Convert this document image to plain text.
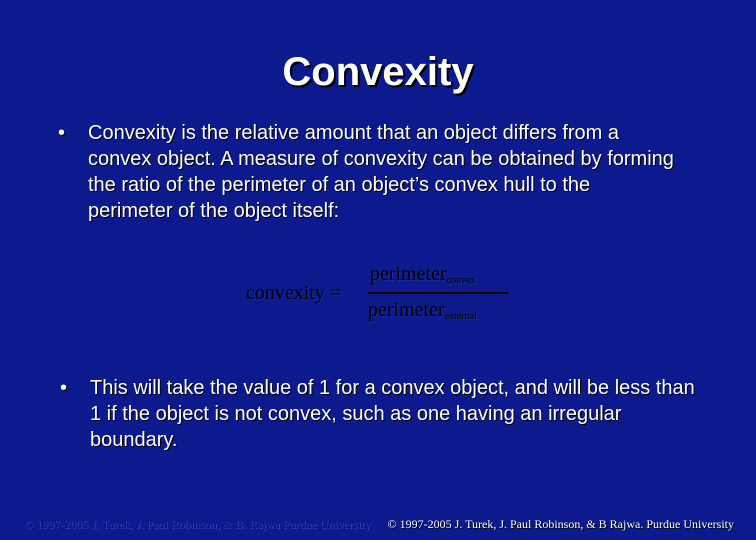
Convexity
•	Convexity is the relative amount that an object differs from a convex object. A measure of convexity can be obtained by forming the ratio of the perimeter of an object’s convex hull to the perimeter of the object itself:
convexity =
perimeter$_{convex}$
perimeter$_{external}$
•	This will take the value of 1 for a convex object, and will be less than 1 if the object is not convex, such as one having an irregular boundary.
© 1997-2005 J. Turek, J. Paul Robinson, & B. Rajwa Purdue University © 1997-2005 J. Turek, J. Paul Robinson, & B Rajwa. Purdue University
